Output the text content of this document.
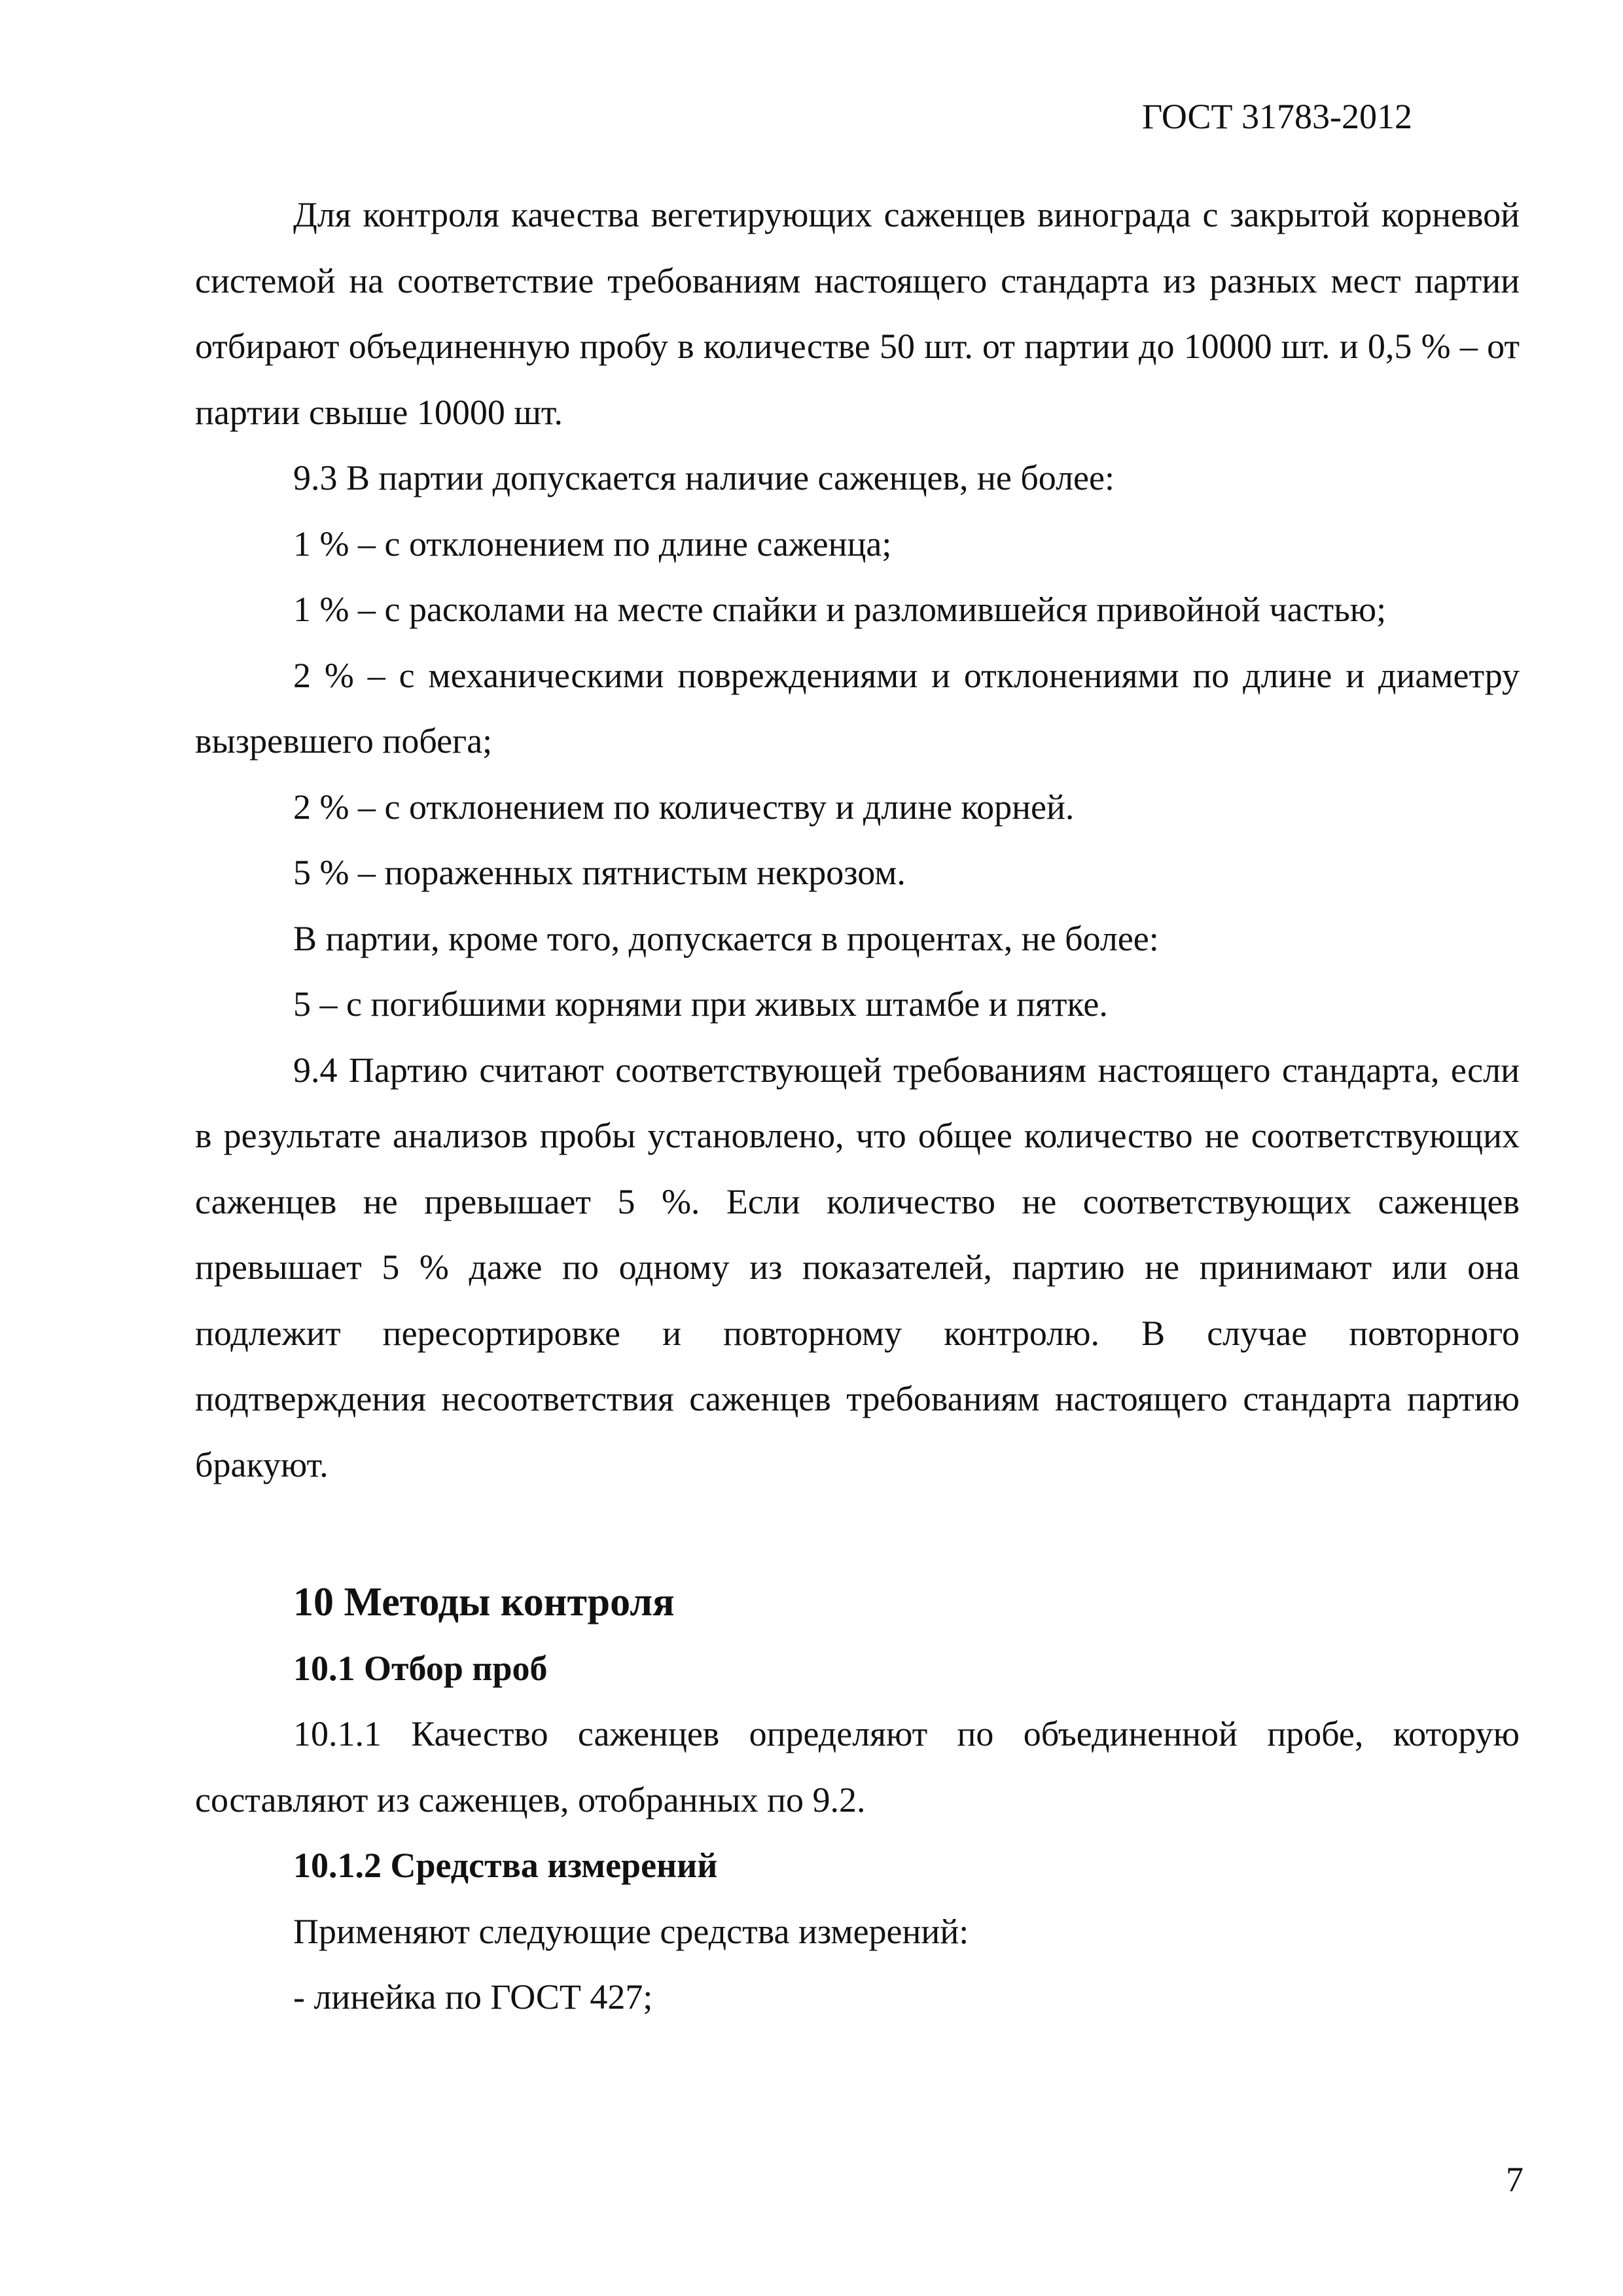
ГОСТ 31783-2012

Для контроля качества вегетирующих саженцев винограда с закрытой корневой системой на соответствие требованиям настоящего стандарта из разных мест партии отбирают объединенную пробу в количестве 50 шт. от партии до 10000 шт. и 0,5 % – от партии свыше 10000 шт.

9.3 В партии допускается наличие саженцев, не более:

1 % – с отклонением по длине саженца;

1 % – с расколами на месте спайки и разломившейся привойной частью;

2 % – с механическими повреждениями и отклонениями по длине и диаметру вызревшего побега;

2 % – с отклонением по количеству и длине корней.

5 % – пораженных пятнистым некрозом.

В партии, кроме того, допускается в процентах, не более:

5 – с погибшими корнями при живых штамбе и пятке.

9.4 Партию считают соответствующей требованиям настоящего стандарта, если в результате анализов пробы установлено, что общее количество не соответствующих саженцев не превышает 5 %. Если количество не соответствующих саженцев превышает 5 % даже по одному из показателей, партию не принимают или она подлежит пересортировке и повторному контролю. В случае повторного подтверждения несоответствия саженцев требованиям настоящего стандарта партию бракуют.

10 Методы контроля
10.1 Отбор проб

10.1.1 Качество саженцев определяют по объединенной пробе, которую составляют из саженцев, отобранных по 9.2.

10.1.2 Средства измерений

Применяют следующие средства измерений:

- линейка по ГОСТ 427;

7
